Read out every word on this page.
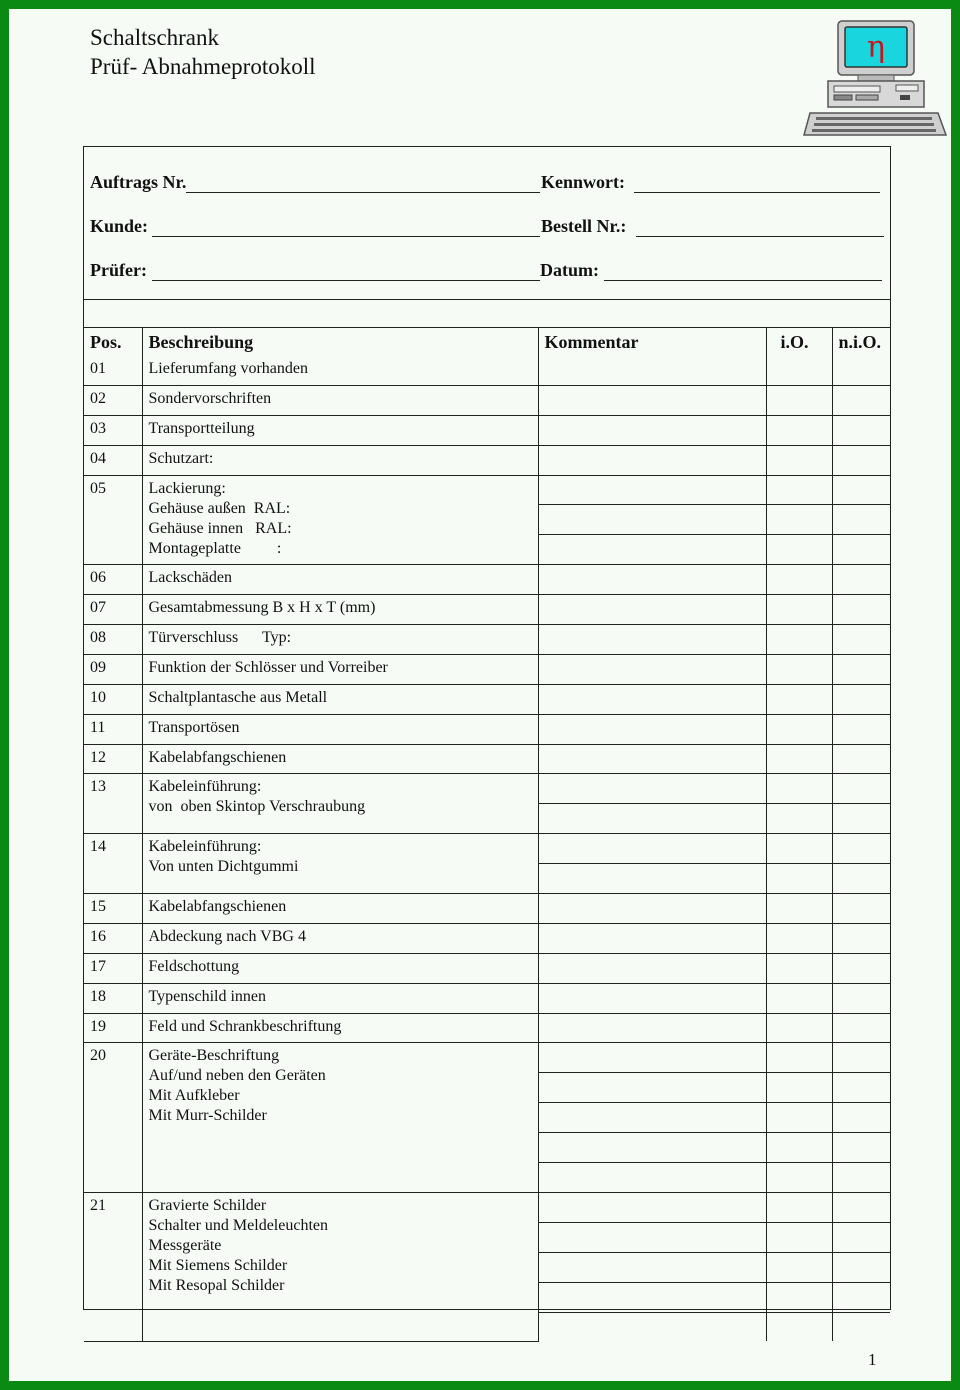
Schaltschrank
Prüf- Abnahmeprotokoll
η
Auftrags Nr.	Kennwort:
Kunde:	Bestell Nr.:
Prüfer:	Datum:
Pos.	Beschreibung	Kommentar	i.O.	n.i.O.
01	Lieferumfang vorhanden			

02	Sondervorschriften			

03	Transportteilung			

04	Schutzart:			

05	Lackierung:
Gehäuse außen  RAL:
Gehäuse innen   RAL:
Montageplatte         :			

06	Lackschäden			

07	Gesamtabmessung B x H x T (mm)			

08	Türverschluss      Typ:			

09	Funktion der Schlösser und Vorreiber			

10	Schaltplantasche aus Metall			

11	Transportösen			

12	Kabelabfangschienen			

13	Kabeleinführung:
von  oben Skintop Verschraubung			

14	Kabeleinführung:
Von unten Dichtgummi			

15	Kabelabfangschienen			

16	Abdeckung nach VBG 4			

17	Feldschottung			

18	Typenschild innen			

19	Feld und Schrankbeschriftung			

20	Geräte-Beschriftung
Auf/und neben den Geräten
Mit Aufkleber
Mit Murr-Schilder			

21	Gravierte Schilder
Schalter und Meldeleuchten
Messgeräte
Mit Siemens Schilder
Mit Resopal Schilder			

1
